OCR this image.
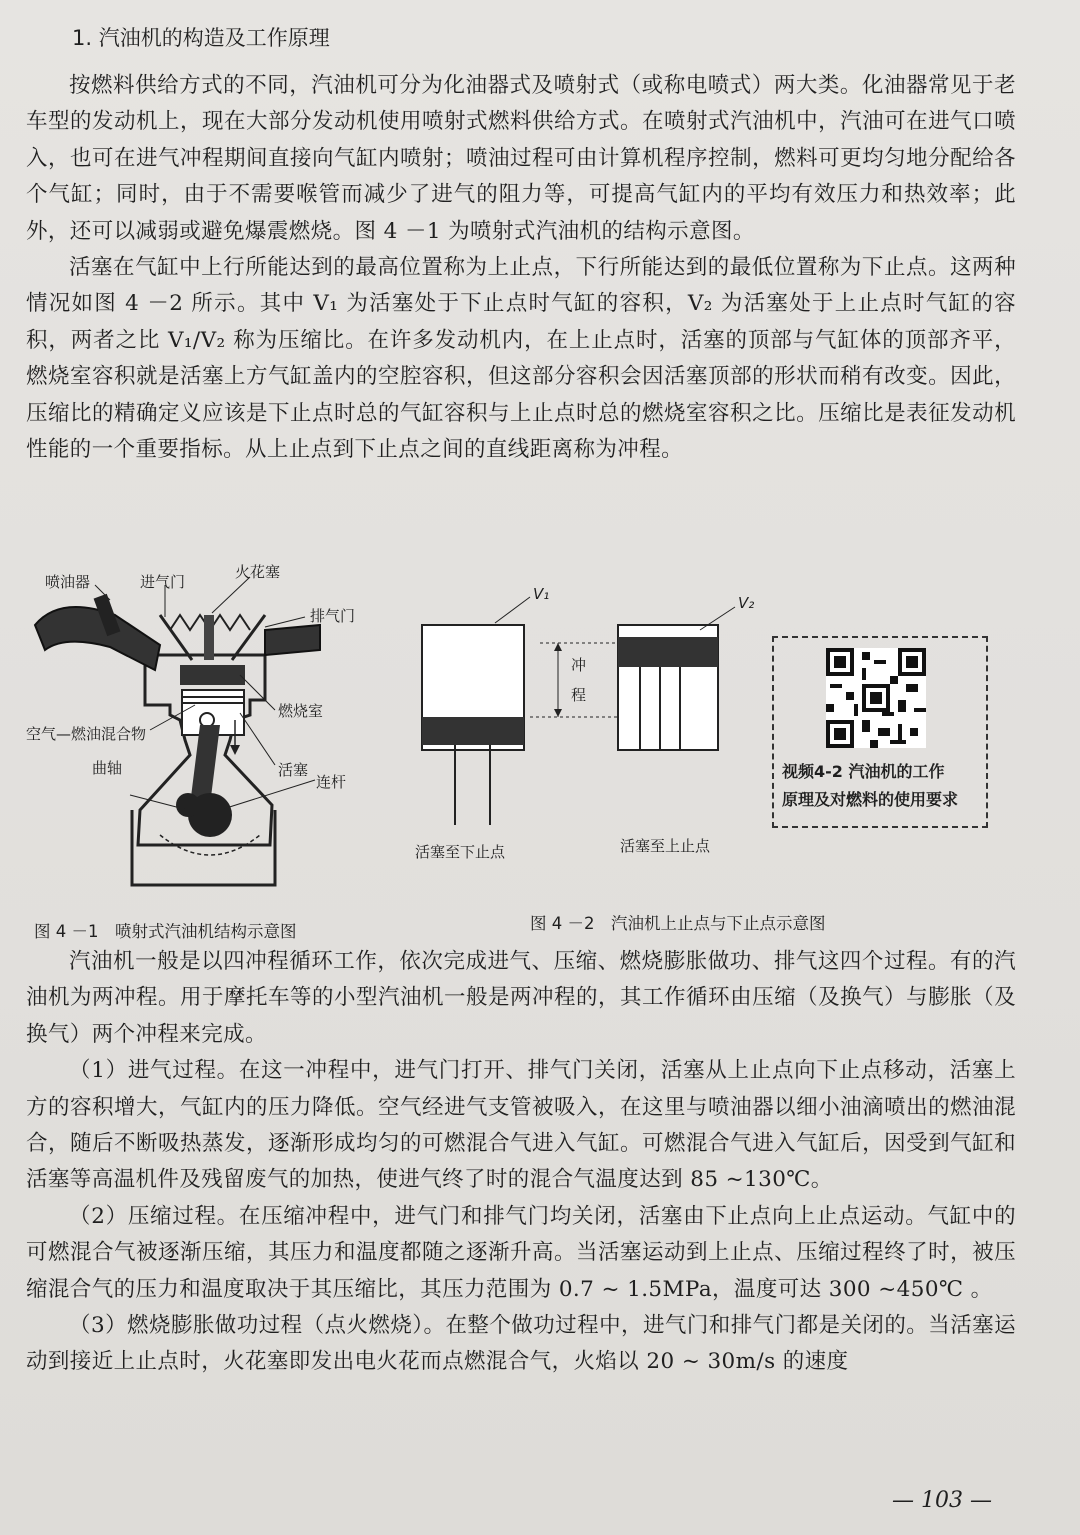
1. 汽油机的构造及工作原理

按燃料供给方式的不同，汽油机可分为化油器式及喷射式（或称电喷式）两大类。化油器常见于老车型的发动机上，现在大部分发动机使用喷射式燃料供给方式。在喷射式汽油机中，汽油可在进气口喷入，也可在进气冲程期间直接向气缸内喷射；喷油过程可由计算机程序控制，燃料可更均匀地分配给各个气缸；同时，由于不需要喉管而减少了进气的阻力等，可提高气缸内的平均有效压力和热效率；此外，还可以减弱或避免爆震燃烧。图 4 －1 为喷射式汽油机的结构示意图。

活塞在气缸中上行所能达到的最高位置称为上止点，下行所能达到的最低位置称为下止点。这两种情况如图 4 －2 所示。其中 V₁ 为活塞处于下止点时气缸的容积，V₂ 为活塞处于上止点时气缸的容积，两者之比 V₁/V₂ 称为压缩比。在许多发动机内，在上止点时，活塞的顶部与气缸体的顶部齐平，燃烧室容积就是活塞上方气缸盖内的空腔容积，但这部分容积会因活塞顶部的形状而稍有改变。因此，压缩比的精确定义应该是下止点时总的气缸容积与上止点时总的燃烧室容积之比。压缩比是表征发动机性能的一个重要指标。从上止点到下止点之间的直线距离称为冲程。

喷油器	进气门
火花塞
排气门
燃烧室
空气—燃油混合物
活塞
曲轴
连杆
图 4 －1　喷射式汽油机结构示意图
V₁	V₂
冲
程
活塞至下止点	活塞至上止点
图 4 －2　汽油机上止点与下止点示意图
视频4-2 汽油机的工作
原理及对燃料的使用要求

汽油机一般是以四冲程循环工作，依次完成进气、压缩、燃烧膨胀做功、排气这四个过程。有的汽油机为两冲程。用于摩托车等的小型汽油机一般是两冲程的，其工作循环由压缩（及换气）与膨胀（及换气）两个冲程来完成。

（1）进气过程。在这一冲程中，进气门打开、排气门关闭，活塞从上止点向下止点移动，活塞上方的容积增大，气缸内的压力降低。空气经进气支管被吸入，在这里与喷油器以细小油滴喷出的燃油混合，随后不断吸热蒸发，逐渐形成均匀的可燃混合气进入气缸。可燃混合气进入气缸后，因受到气缸和活塞等高温机件及残留废气的加热，使进气终了时的混合气温度达到 85 ~130℃。

（2）压缩过程。在压缩冲程中，进气门和排气门均关闭，活塞由下止点向上止点运动。气缸中的可燃混合气被逐渐压缩，其压力和温度都随之逐渐升高。当活塞运动到上止点、压缩过程终了时，被压缩混合气的压力和温度取决于其压缩比，其压力范围为 0.7 ~ 1.5MPa，温度可达 300 ~450℃ 。

（3）燃烧膨胀做功过程（点火燃烧）。在整个做功过程中，进气门和排气门都是关闭的。当活塞运动到接近上止点时，火花塞即发出电火花而点燃混合气，火焰以 20 ~ 30m/s 的速度

— 103 —
